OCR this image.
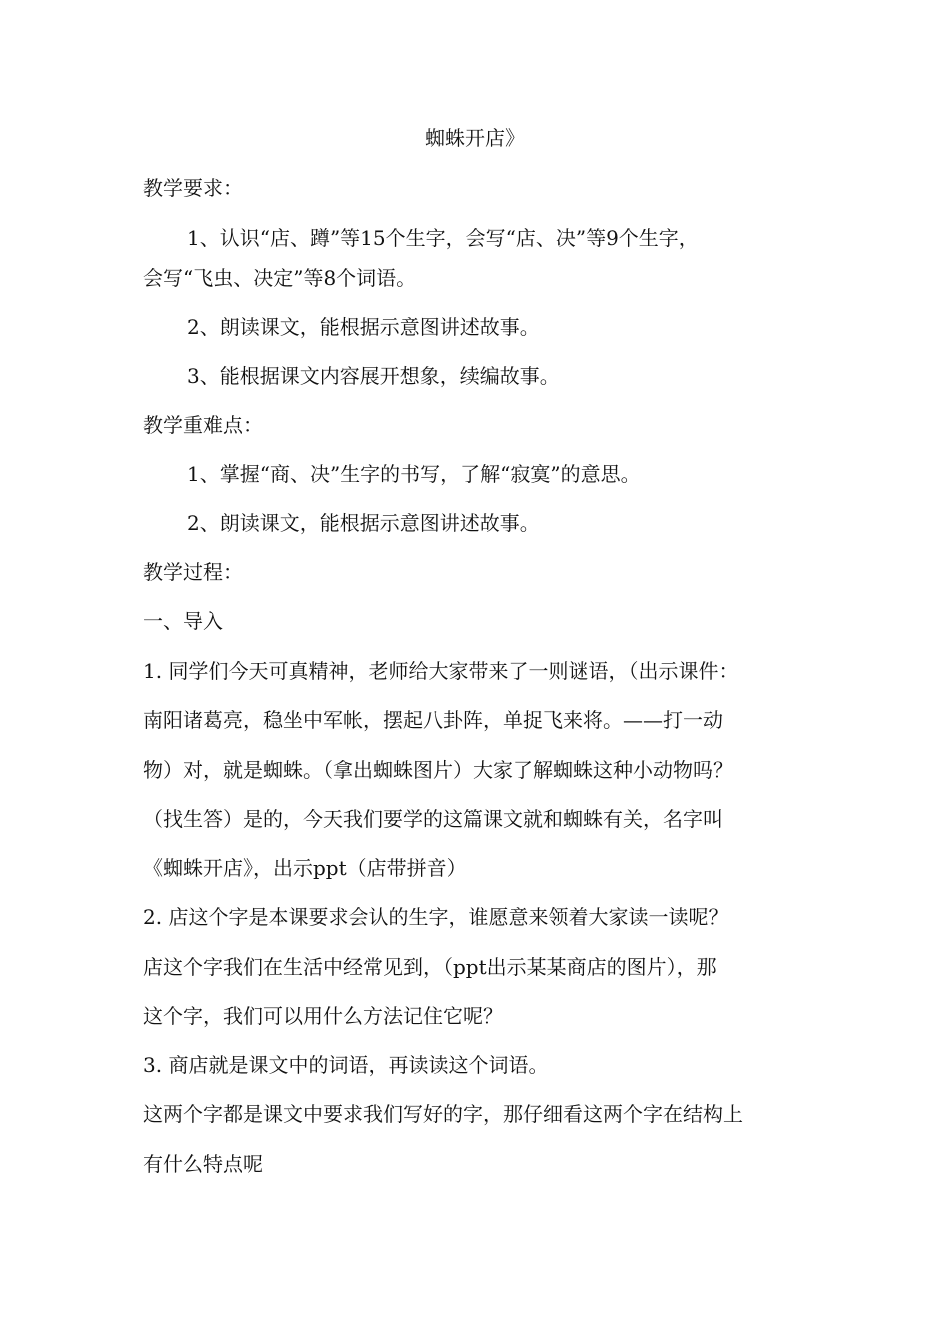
蜘蛛开店》
教学要求：
1、认识“店、蹲”等15个生字，会写“店、决”等9个生字，
会写“飞虫、决定”等8个词语。
2、朗读课文，能根据示意图讲述故事。
3、能根据课文内容展开想象，续编故事。
教学重难点：
1、掌握“商、决”生字的书写，了解“寂寞”的意思。
2、朗读课文，能根据示意图讲述故事。
教学过程：
一、导入
1. 同学们今天可真精神，老师给大家带来了一则谜语，（出示课件：
南阳诸葛亮，稳坐中军帐，摆起八卦阵，单捉飞来将。——打一动
物）对，就是蜘蛛。（拿出蜘蛛图片）大家了解蜘蛛这种小动物吗？
（找生答）是的，今天我们要学的这篇课文就和蜘蛛有关，名字叫
《蜘蛛开店》，出示ppt（店带拼音）
2. 店这个字是本课要求会认的生字，谁愿意来领着大家读一读呢？
店这个字我们在生活中经常见到，（ppt出示某某商店的图片），那
这个字，我们可以用什么方法记住它呢？
3. 商店就是课文中的词语，再读读这个词语。
这两个字都是课文中要求我们写好的字，那仔细看这两个字在结构上
有什么特点呢
